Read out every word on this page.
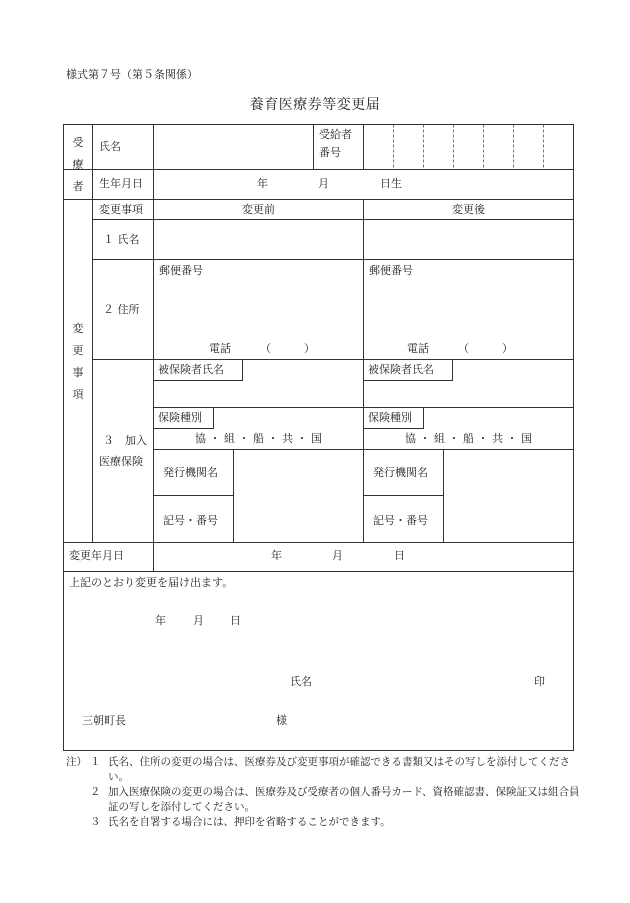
様式第７号（第５条関係）
養育医療券等変更届
受
療
者
氏名
受給者
番号
生年月日	年	月	日生
変
更
事
項
変更事項	変更前	変更後
１ 氏名
２ 住所
郵便番号	郵便番号
電話	（　　　）	電話	（　　　）
３　加入
医療保険
被保険者氏名	被保険者氏名
保険種別	保険種別
協 ・ 組 ・ 船 ・ 共 ・ 国	協 ・ 組 ・ 船 ・ 共 ・ 国
発行機関名	発行機関名
記号・番号	記号・番号
変更年月日	年	月	日
上記のとおり変更を届け出ます。
年 月 日
氏名	印
三朝町長	様
注） １ 氏名、住所の変更の場合は、医療券及び変更事項が確認できる書類又はその写しを添付してください。
２ 加入医療保険の変更の場合は、医療券及び受療者の個人番号カード、資格確認書、保険証又は組合員証の写しを添付してください。
３ 氏名を自署する場合には、押印を省略することができます。
